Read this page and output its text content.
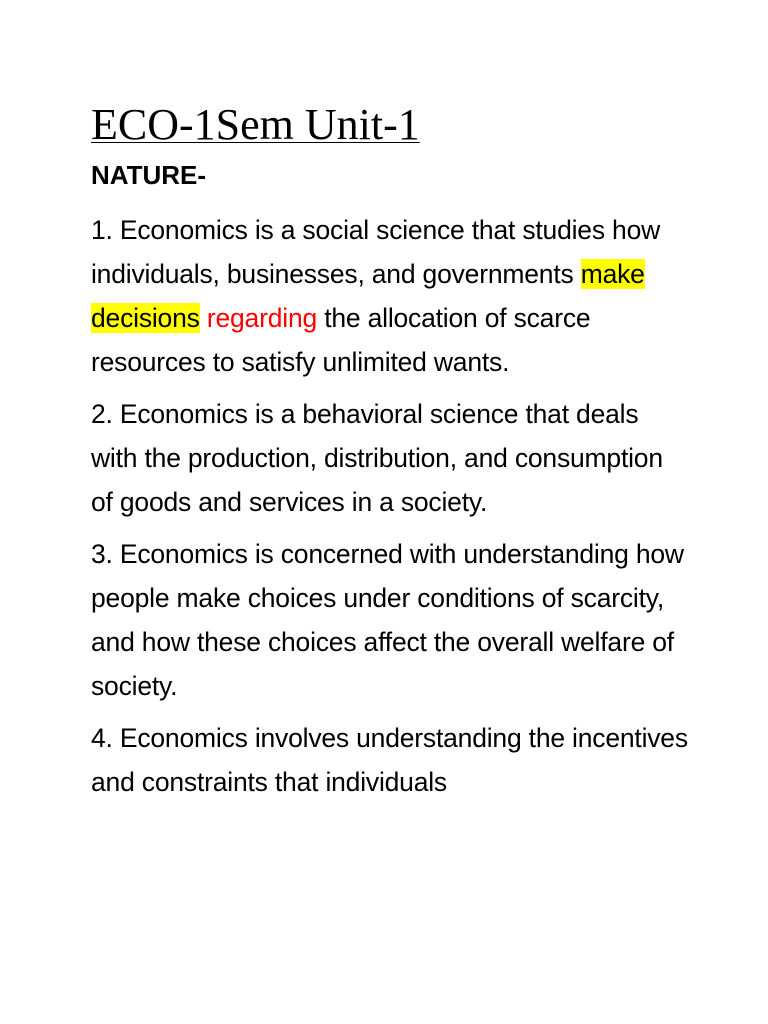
ECO-1Sem Unit-1
NATURE-

1. Economics is a social science that studies how individuals, businesses, and governments make decisions regarding the allocation of scarce resources to satisfy unlimited wants.

2. Economics is a behavioral science that deals with the production, distribution, and consumption of goods and services in a society.

3. Economics is concerned with understanding how people make choices under conditions of scarcity, and how these choices affect the overall welfare of society.

4. Economics involves understanding the incentives and constraints that individuals
